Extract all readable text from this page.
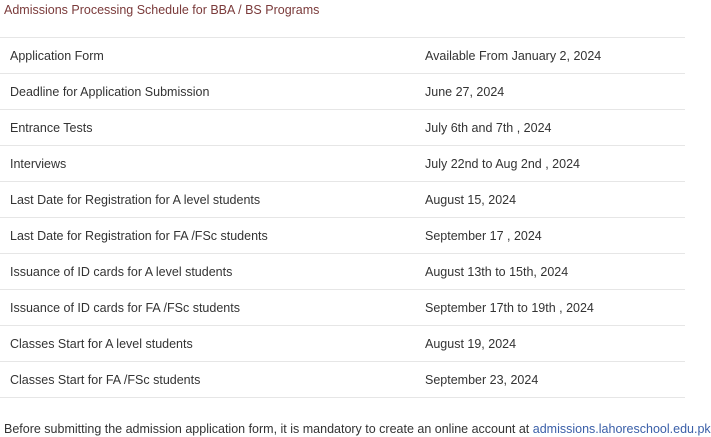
Admissions Processing Schedule for BBA / BS Programs
Application Form	Available From January 2, 2024
Deadline for Application Submission	June 27, 2024
Entrance Tests	July 6th and 7th , 2024
Interviews	July 22nd to Aug 2nd , 2024
Last Date for Registration for A level students	August 15, 2024
Last Date for Registration for FA /FSc students	September 17 , 2024
Issuance of ID cards for A level students	August 13th to 15th, 2024
Issuance of ID cards for FA /FSc students	September 17th to 19th , 2024
Classes Start for A level students	August 19, 2024
Classes Start for FA /FSc students	September 23, 2024
Before submitting the admission application form, it is mandatory to create an online account at admissions.lahoreschool.edu.pk
